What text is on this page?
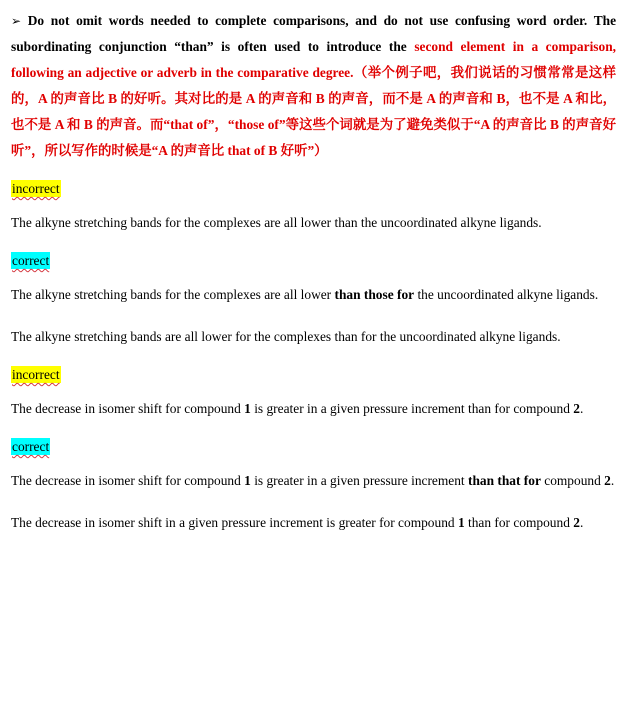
➢ Do not omit words needed to complete comparisons, and do not use confusing word order. The subordinating conjunction “than” is often used to introduce the second element in a comparison, following an adjective or adverb in the comparative degree.（举个例子吧，我们说话的习惯常常是这样的，A 的声音比 B 的好听。其对比的是 A 的声音和 B 的声音，而不是 A 的声音和 B，也不是 A 和比，也不是 A 和 B 的声音。而“that of”，“those of”等这些个词就是为了避免类似于“A 的声音比 B 的声音好听”，所以写作的时候是“A 的声音比 that of B 好听”）

incorrect

The alkyne stretching bands for the complexes are all lower than the uncoordinated alkyne ligands.

correct

The alkyne stretching bands for the complexes are all lower than those for the uncoordinated alkyne ligands.

The alkyne stretching bands are all lower for the complexes than for the uncoordinated alkyne ligands.

incorrect

The decrease in isomer shift for compound 1 is greater in a given pressure increment than for compound 2.

correct

The decrease in isomer shift for compound 1 is greater in a given pressure increment than that for compound 2.

The decrease in isomer shift in a given pressure increment is greater for compound 1 than for compound 2.
